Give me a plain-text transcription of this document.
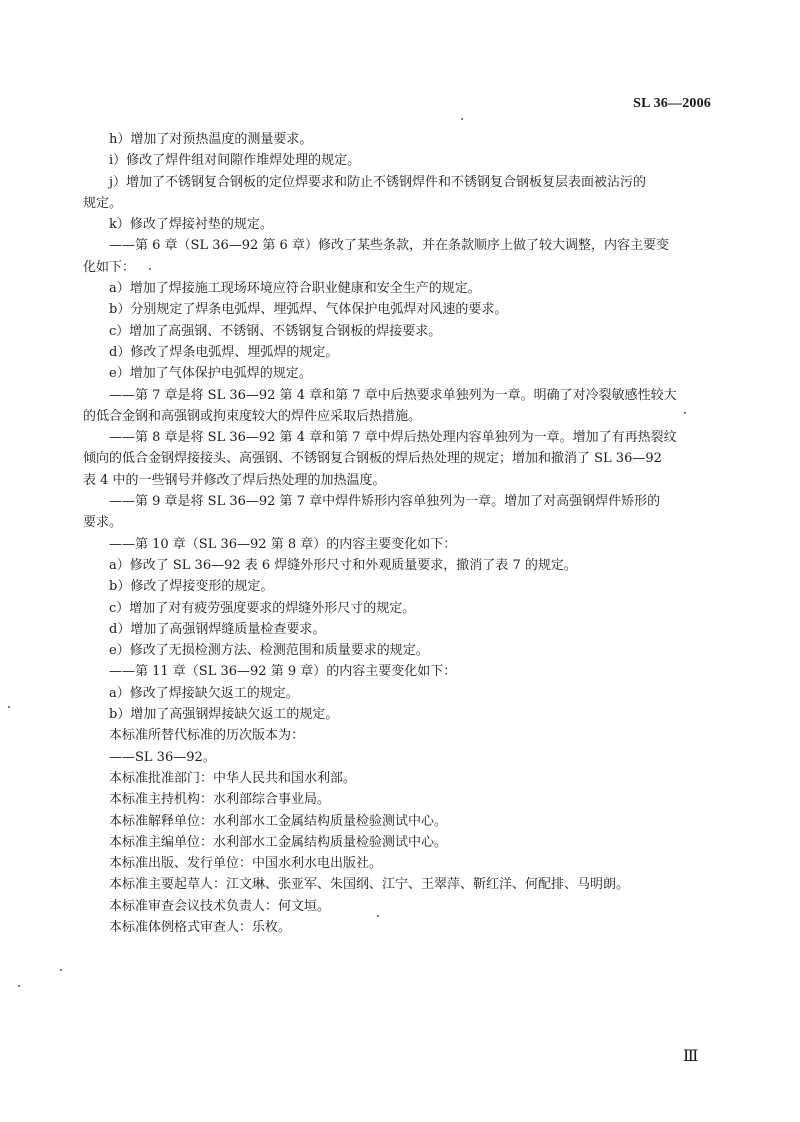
SL 36—2006
h）增加了对预热温度的测量要求。
i）修改了焊件组对间隙作堆焊处理的规定。
j）增加了不锈钢复合钢板的定位焊要求和防止不锈钢焊件和不锈钢复合钢板复层表面被沾污的
规定。
k）修改了焊接衬垫的规定。
——第 6 章（SL 36—92 第 6 章）修改了某些条款，并在条款顺序上做了较大调整，内容主要变
化如下：
a）增加了焊接施工现场环境应符合职业健康和安全生产的规定。
b）分别规定了焊条电弧焊、埋弧焊、气体保护电弧焊对风速的要求。
c）增加了高强钢、不锈钢、不锈钢复合钢板的焊接要求。
d）修改了焊条电弧焊、埋弧焊的规定。
e）增加了气体保护电弧焊的规定。
——第 7 章是将 SL 36—92 第 4 章和第 7 章中后热要求单独列为一章。明确了对冷裂敏感性较大
的低合金钢和高强钢或拘束度较大的焊件应采取后热措施。
——第 8 章是将 SL 36—92 第 4 章和第 7 章中焊后热处理内容单独列为一章。增加了有再热裂纹
倾向的低合金钢焊接接头、高强钢、不锈钢复合钢板的焊后热处理的规定；增加和撤消了 SL 36—92
表 4 中的一些钢号并修改了焊后热处理的加热温度。
——第 9 章是将 SL 36—92 第 7 章中焊件矫形内容单独列为一章。增加了对高强钢焊件矫形的
要求。
——第 10 章（SL 36—92 第 8 章）的内容主要变化如下：
a）修改了 SL 36—92 表 6 焊缝外形尺寸和外观质量要求，撤消了表 7 的规定。
b）修改了焊接变形的规定。
c）增加了对有疲劳强度要求的焊缝外形尺寸的规定。
d）增加了高强钢焊缝质量检查要求。
e）修改了无损检测方法、检测范围和质量要求的规定。
——第 11 章（SL 36—92 第 9 章）的内容主要变化如下：
a）修改了焊接缺欠返工的规定。
b）增加了高强钢焊接缺欠返工的规定。
本标准所替代标准的历次版本为：
——SL 36—92。
本标准批准部门：中华人民共和国水利部。
本标准主持机构：水利部综合事业局。
本标准解释单位：水利部水工金属结构质量检验测试中心。
本标准主编单位：水利部水工金属结构质量检验测试中心。
本标准出版、发行单位：中国水利水电出版社。
本标准主要起草人：江文琳、张亚军、朱国纲、江宁、王翠萍、靳红洋、何配排、马明朗。
本标准审查会议技术负责人：何文垣。
本标准体例格式审查人：乐枚。
Ⅲ
